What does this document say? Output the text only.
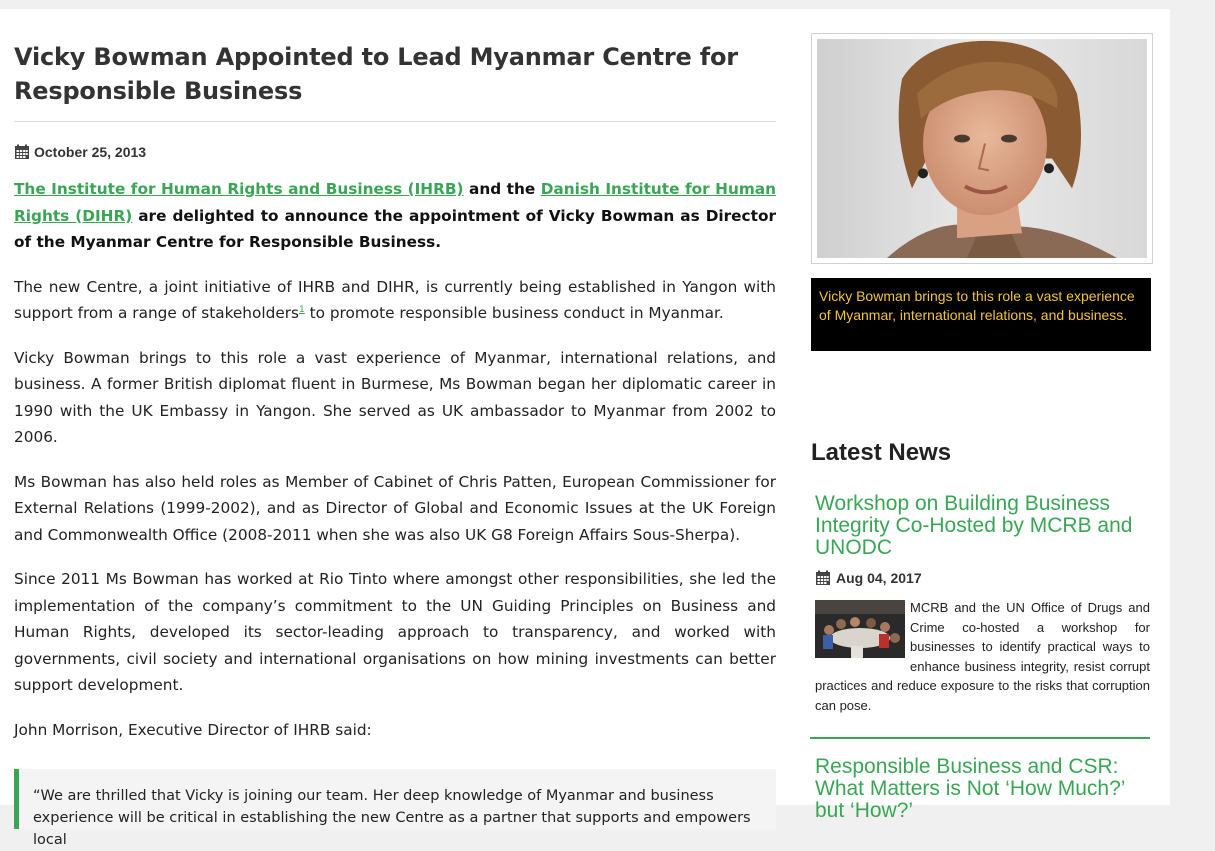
Vicky Bowman Appointed to Lead Myanmar Centre for Responsible Business
October 25, 2013

The Institute for Human Rights and Business (IHRB) and the Danish Institute for Human Rights (DIHR) are delighted to announce the appointment of Vicky Bowman as Director of the Myanmar Centre for Responsible Business.

The new Centre, a joint initiative of IHRB and DIHR, is currently being established in Yangon with support from a range of stakeholders$^1$ to promote responsible business conduct in Myanmar.

Vicky Bowman brings to this role a vast experience of Myanmar, international relations, and business. A former British diplomat fluent in Burmese, Ms Bowman began her diplomatic career in 1990 with the UK Embassy in Yangon. She served as UK ambassador to Myanmar from 2002 to 2006.

Ms Bowman has also held roles as Member of Cabinet of Chris Patten, European Commissioner for External Relations (1999-2002), and as Director of Global and Economic Issues at the UK Foreign and Commonwealth Office (2008-2011 when she was also UK G8 Foreign Affairs Sous-Sherpa).

Since 2011 Ms Bowman has worked at Rio Tinto where amongst other responsibilities, she led the implementation of the company’s commitment to the UN Guiding Principles on Business and Human Rights, developed its sector-leading approach to transparency, and worked with governments, civil society and international organisations on how mining investments can better support development.

John Morrison, Executive Director of IHRB said:

“We are thrilled that Vicky is joining our team. Her deep knowledge of Myanmar and business experience will be critical in establishing the new Centre as a partner that supports and empowers local
Vicky Bowman brings to this role a vast experience of Myanmar, international relations, and business.
Latest News
Workshop on Building Business Integrity Co-Hosted by MCRB and UNODC
Aug 04, 2017
MCRB and the UN Office of Drugs and Crime co-hosted a workshop for businesses to identify practical ways to enhance business integrity, resist corrupt practices and reduce exposure to the risks that corruption can pose.
Responsible Business and CSR: What Matters is Not ‘How Much?’ but ‘How?’
